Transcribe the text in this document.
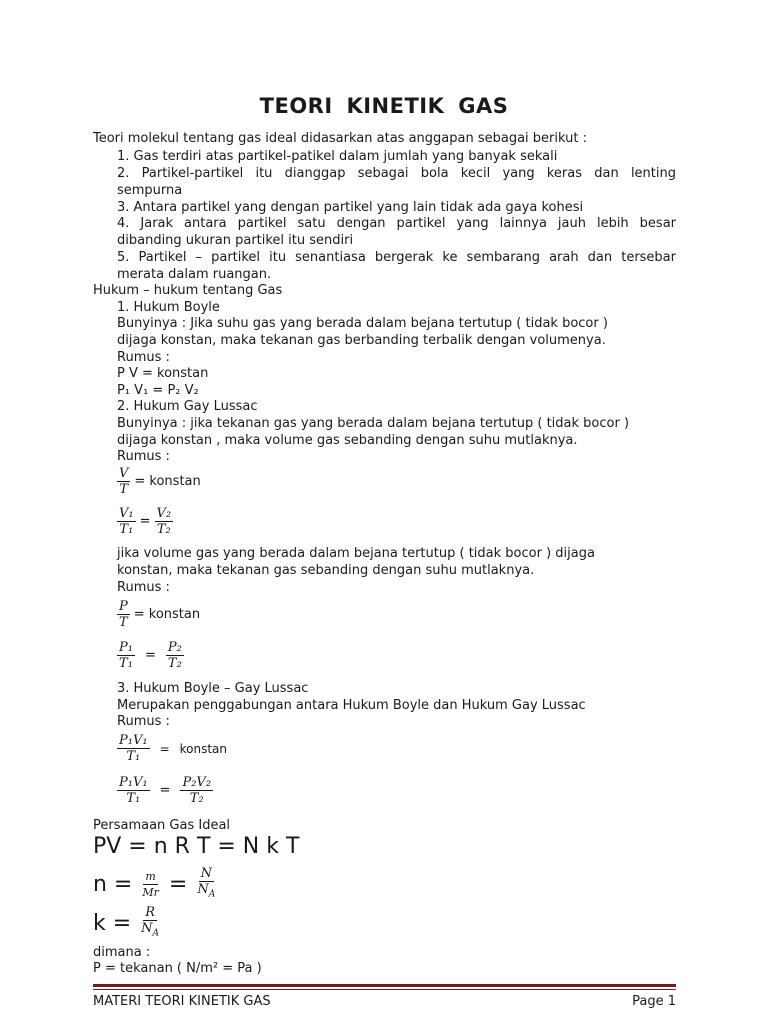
TEORI KINETIK GAS
Teori molekul tentang gas ideal didasarkan atas anggapan sebagai berikut :
1. Gas terdiri atas partikel-patikel dalam jumlah yang banyak sekali
2. Partikel-partikel itu dianggap sebagai bola kecil yang keras dan lenting
sempurna
3. Antara partikel yang dengan partikel yang lain tidak ada gaya kohesi
4. Jarak antara partikel satu dengan partikel yang lainnya jauh lebih besar
dibanding ukuran partikel itu sendiri
5. Partikel – partikel itu senantiasa bergerak ke sembarang arah dan tersebar
merata dalam ruangan.
Hukum – hukum tentang Gas
1. Hukum Boyle
Bunyinya : Jika suhu gas yang berada dalam bejana tertutup ( tidak bocor )
dijaga konstan, maka tekanan gas berbanding terbalik dengan volumenya.
Rumus :
P V = konstan
P₁ V₁ = P₂ V₂
2. Hukum Gay Lussac
Bunyinya : jika tekanan gas yang berada dalam bejana tertutup ( tidak bocor )
dijaga konstan , maka volume gas sebanding dengan suhu mutlaknya.
Rumus :
$\frac{V}{T}$ = konstan
$\frac{\text{V₁}}{\text{T₁}} = \frac{\text{V₂}}{\text{T₂}}$
jika volume gas yang berada dalam bejana tertutup ( tidak bocor ) dijaga
konstan, maka tekanan gas sebanding dengan suhu mutlaknya.
Rumus :
$\frac{P}{T}$ = konstan
$\frac{\text{P₁}}{\text{T₁}} = \frac{\text{P₂}}{\text{T₂}}$
3. Hukum Boyle – Gay Lussac
Merupakan penggabungan antara Hukum Boyle dan Hukum Gay Lussac
Rumus :
$\frac{\text{P₁V₁}}{\text{T₁}}$ = konstan
$\frac{\text{P₁V₁}}{\text{T₁}} = \frac{\text{P₂V₂}}{\text{T₂}}$
Persamaan Gas Ideal
PV = n R T = N k T
$n = \frac{m}{Mr} = \frac{N}{N_A}$
$k = \frac{R}{N_A}$
dimana :
P = tekanan ( N/m² = Pa )
MATERI TEORI KINETIK GAS	Page 1
